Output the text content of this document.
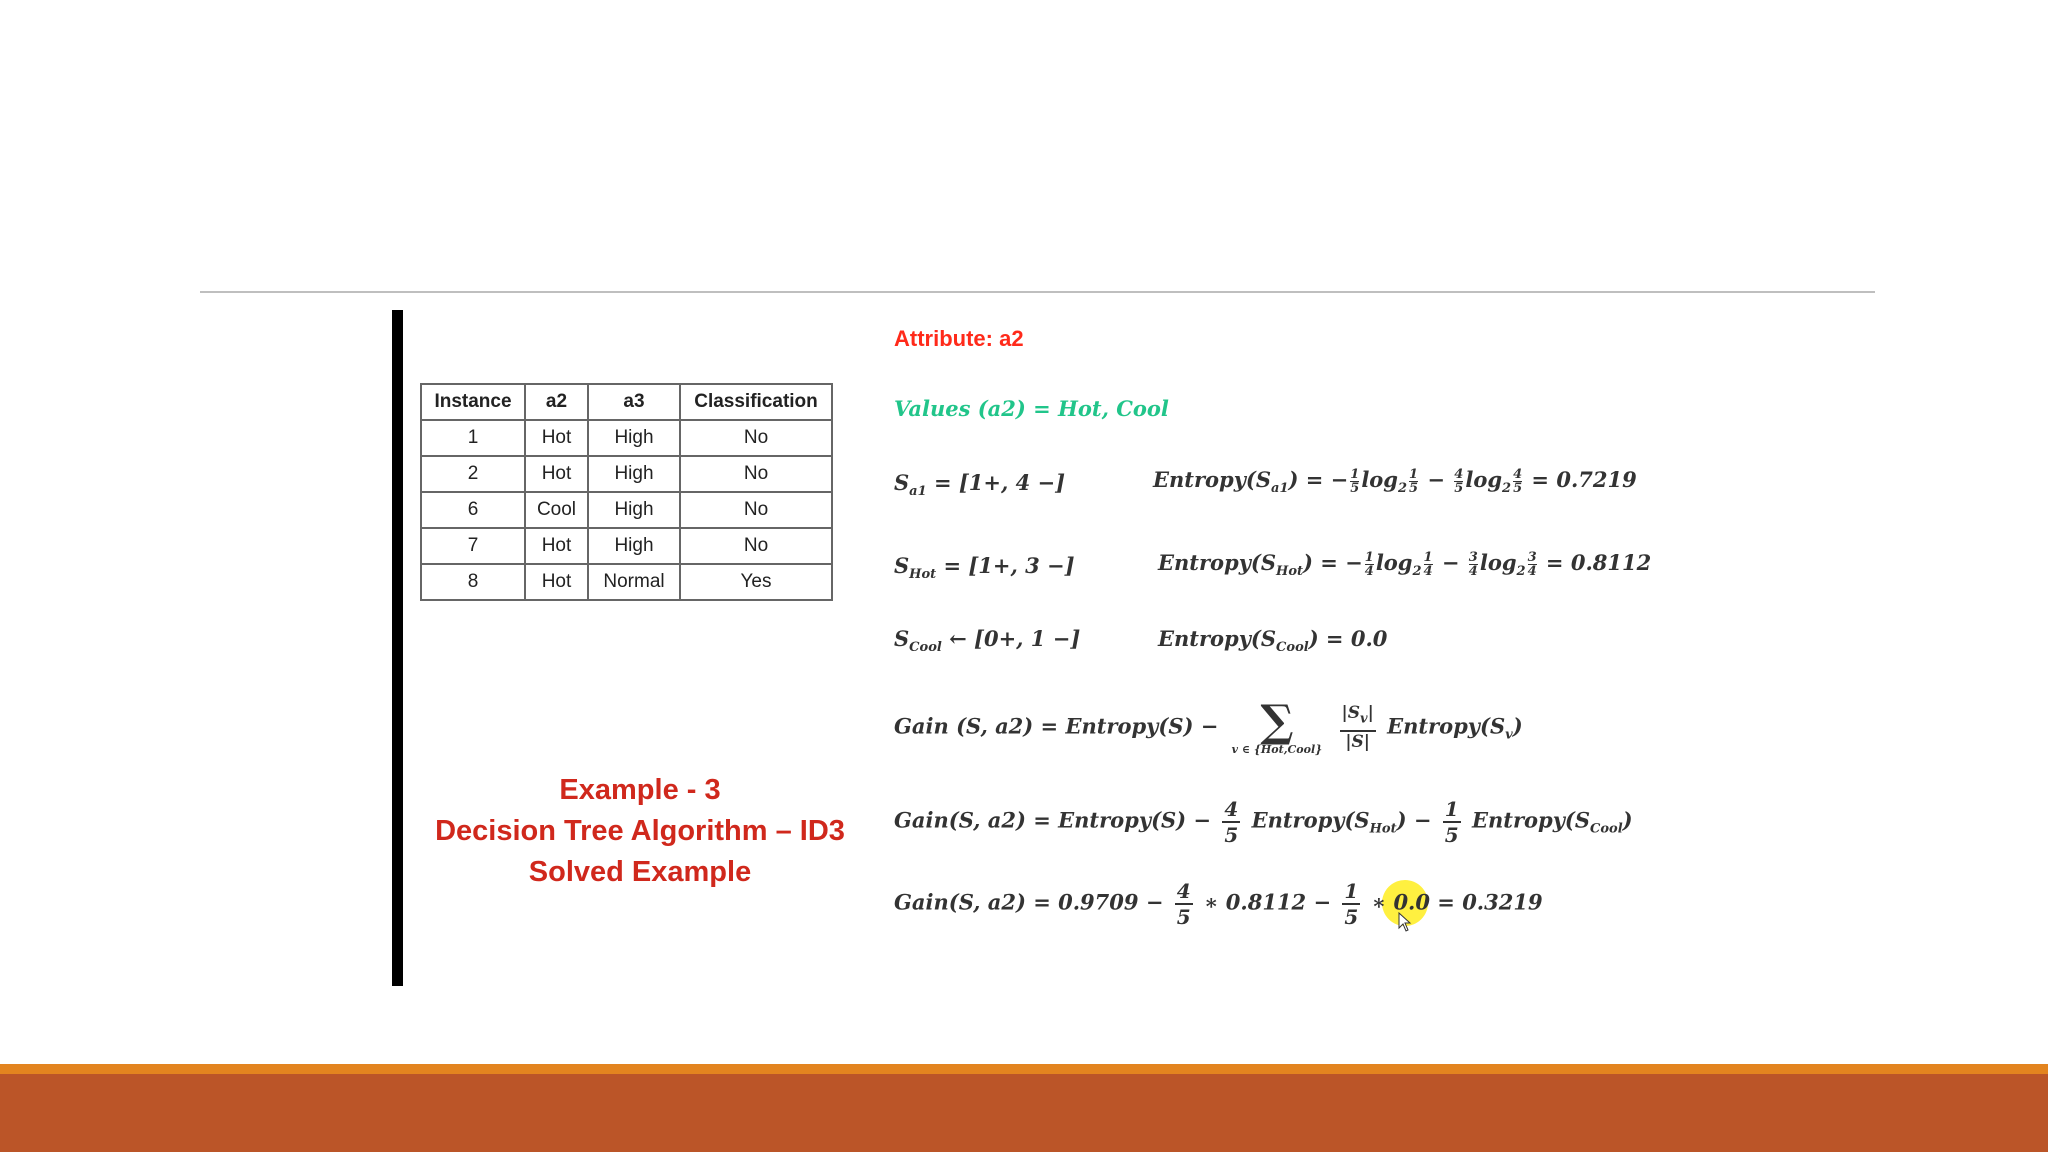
Instance	a2	a3	Classification
1	Hot	High	No
2	Hot	High	No
6	Cool	High	No
7	Hot	High	No
8	Hot	Normal	Yes
Example - 3
Decision Tree Algorithm – ID3
Solved Example
Attribute: a2
Values (a2) = Hot, Cool
$S_{a1} = [1+$, 4 −]	$Entropy(S_{a1})$ = − $\frac{1}{5} \log_2 \frac{1}{5} - \frac{4}{5} \log_2 \frac{4}{5} = 0.7219$
$S_{Hot} = [1+$, 3 −]	$Entropy(S_{Hot})$ = − $\frac{1}{4} \log_2 \frac{1}{4} - \frac{3}{4} \log_2 \frac{3}{4} = 0.8112$
$S_{Cool}$ ← [0+, 1 −]	$Entropy(S_{Cool}) = 0.0$
Gain (S, a2) = Entropy(S) − ∑
v ∈ {Hot,Cool}
$\frac{|S_v|}{|S|}$ $Entropy(S_v)$
Gain(S, a2) = Entropy(S) − $\frac{4}{5}$ $Entropy(S_{Hot}) - \frac{1}{5}$ $Entropy(S_{Cool})$
Gain(S, $a2) = 0.9709 - \frac{4}{5}$ ∗ $0.8112 - \frac{1}{5}$ ∗ 0.0 = 0.3219
